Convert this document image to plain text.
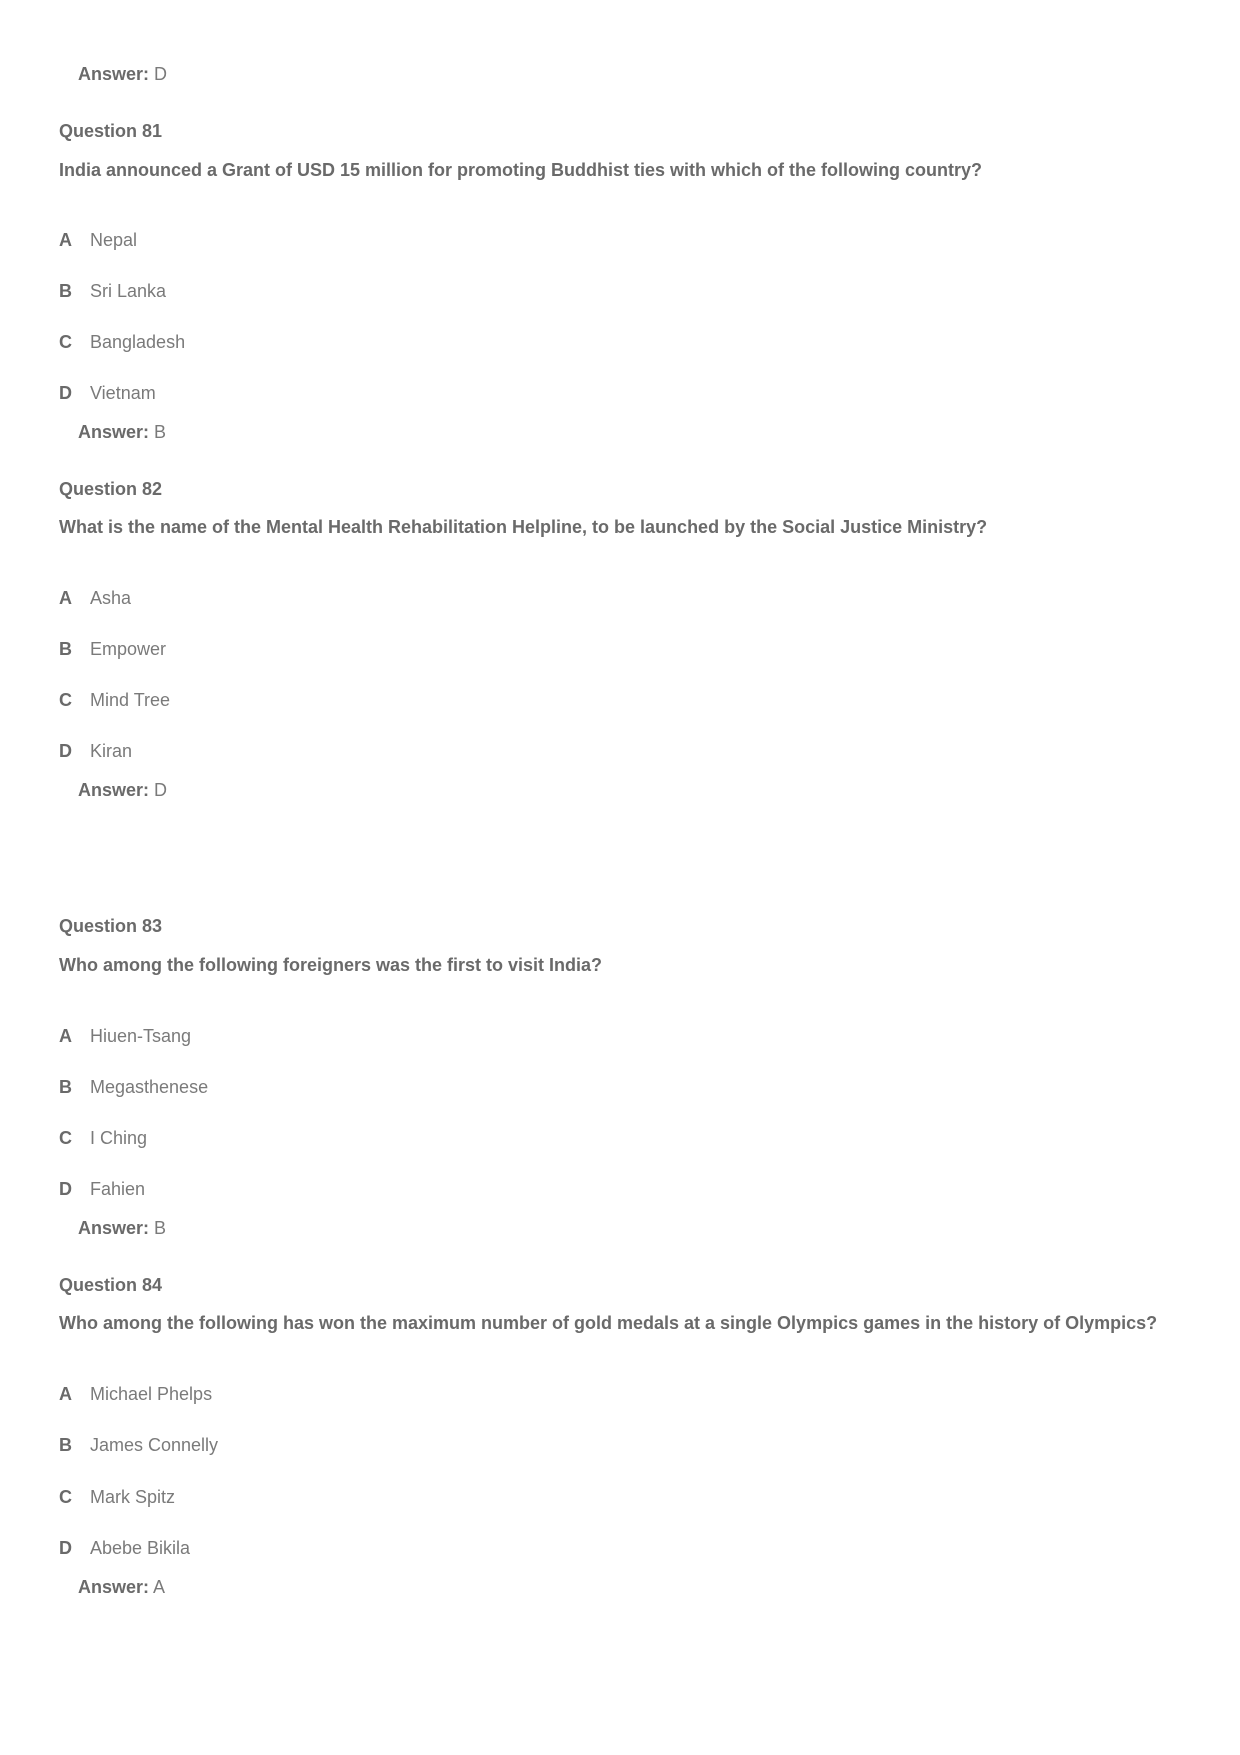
Answer: D
Question 81
India announced a Grant of USD 15 million for promoting Buddhist ties with which of the following country?
A Nepal
B Sri Lanka
C Bangladesh
D Vietnam
Answer: B
Question 82
What is the name of the Mental Health Rehabilitation Helpline, to be launched by the Social Justice Ministry?
A Asha
B Empower
C Mind Tree
D Kiran
Answer: D
Question 83
Who among the following foreigners was the first to visit India?
A Hiuen-Tsang
B Megasthenese
C I Ching
D Fahien
Answer: B
Question 84
Who among the following has won the maximum number of gold medals at a single Olympics games in the history of Olympics?
A Michael Phelps
B James Connelly
C Mark Spitz
D Abebe Bikila
Answer: A
